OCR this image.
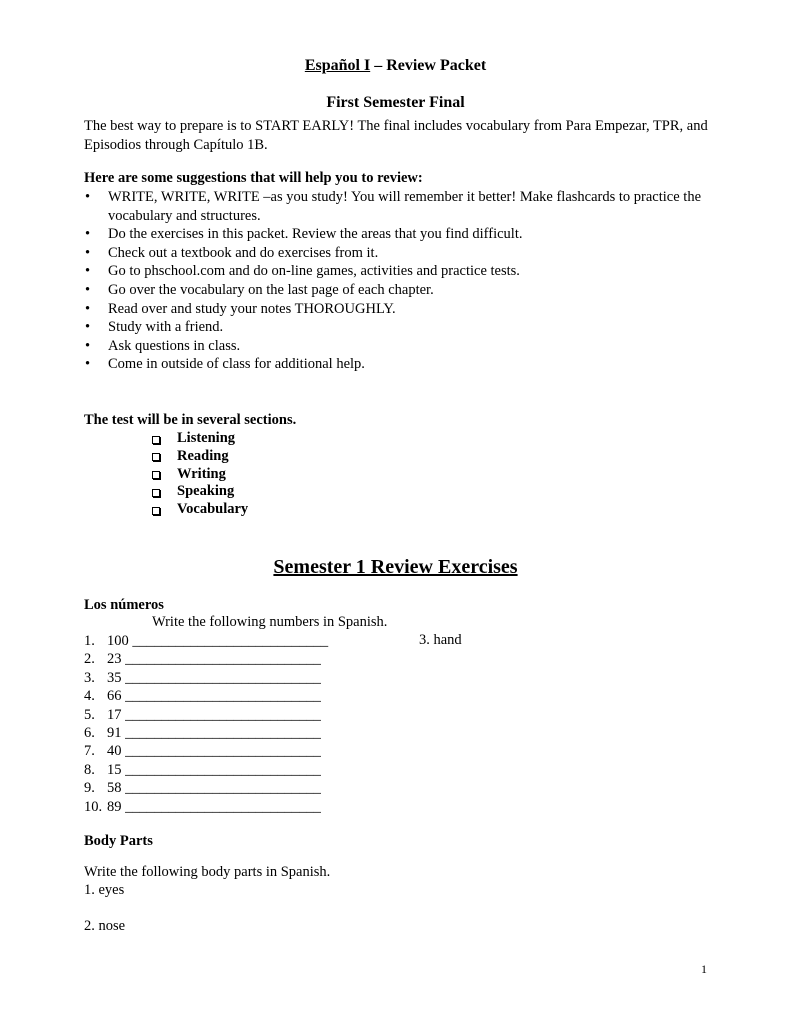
Español I – Review Packet
First Semester Final
The best way to prepare is to START EARLY! The final includes vocabulary from Para Empezar, TPR, and Episodios through Capítulo 1B.
Here are some suggestions that will help you to review:
• WRITE, WRITE, WRITE –as you study! You will remember it better! Make flashcards to practice the vocabulary and structures.
• Do the exercises in this packet. Review the areas that you find difficult.
• Check out a textbook and do exercises from it.
• Go to phschool.com and do on-line games, activities and practice tests.
• Go over the vocabulary on the last page of each chapter.
• Read over and study your notes THOROUGHLY.
• Study with a friend.
• Ask questions in class.
• Come in outside of class for additional help.
The test will be in several sections.
Listening
Reading
Writing
Speaking
Vocabulary
Semester 1 Review Exercises
Los números
Write the following numbers in Spanish.
1. 100 ___________________________
2. 23 ___________________________
3. 35 ___________________________
4. 66 ___________________________
5. 17 ___________________________
6. 91 ___________________________
7. 40 ___________________________
8. 15 ___________________________
9. 58 ___________________________
10. 89 ___________________________
3. hand
Body Parts
Write the following body parts in Spanish.
1. eyes
2. nose
1
